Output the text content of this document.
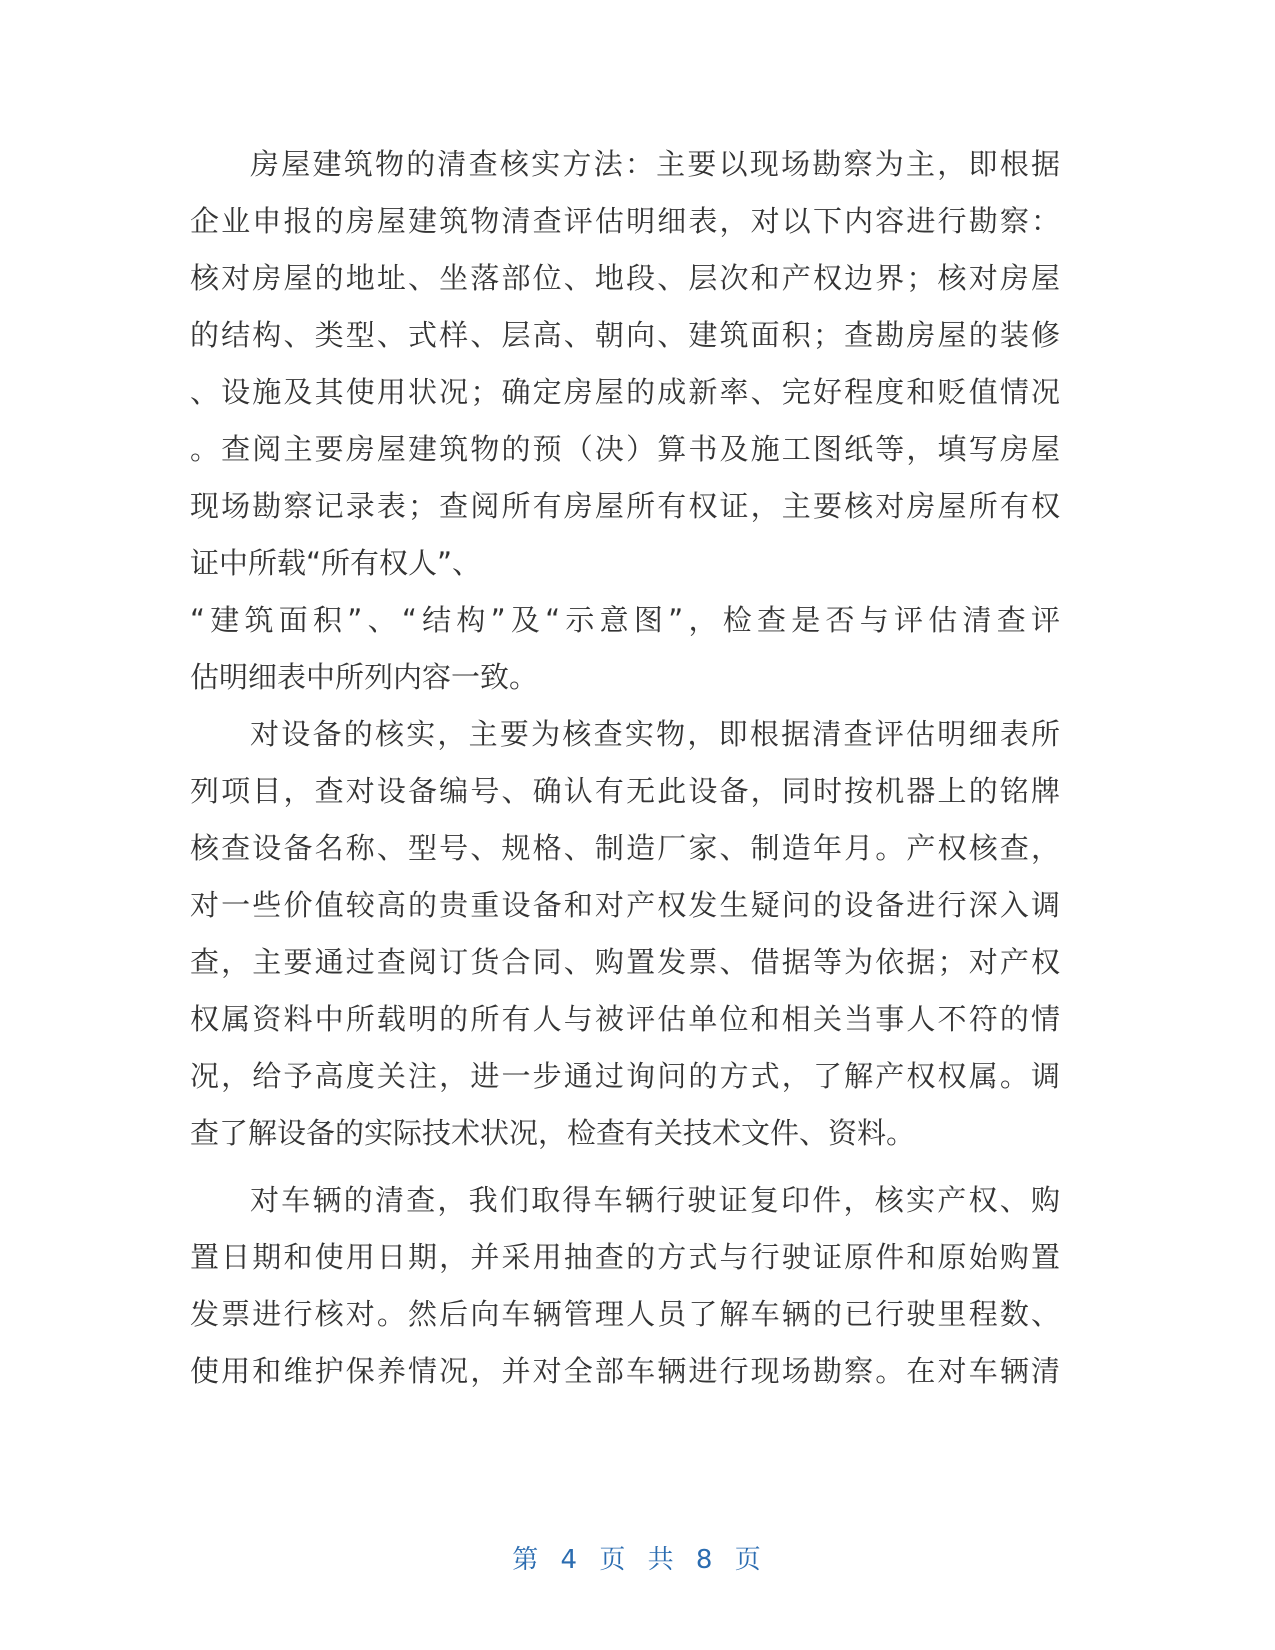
房屋建筑物的清查核实方法：主要以现场勘察为主，即根据
企业申报的房屋建筑物清查评估明细表，对以下内容进行勘察：
核对房屋的地址、坐落部位、地段、层次和产权边界；核对房屋
的结构、类型、式样、层高、朝向、建筑面积；查勘房屋的装修
、设施及其使用状况；确定房屋的成新率、完好程度和贬值情况
。查阅主要房屋建筑物的预（决）算书及施工图纸等，填写房屋
现场勘察记录表；查阅所有房屋所有权证，主要核对房屋所有权
证中所载“所有权人”、
“建筑面积”、“结构”及“示意图”，检查是否与评估清查评
估明细表中所列内容一致。
对设备的核实，主要为核查实物，即根据清查评估明细表所
列项目，查对设备编号、确认有无此设备，同时按机器上的铭牌
核查设备名称、型号、规格、制造厂家、制造年月。产权核查，
对一些价值较高的贵重设备和对产权发生疑问的设备进行深入调
查，主要通过查阅订货合同、购置发票、借据等为依据；对产权
权属资料中所载明的所有人与被评估单位和相关当事人不符的情
况，给予高度关注，进一步通过询问的方式，了解产权权属。调
查了解设备的实际技术状况，检查有关技术文件、资料。
对车辆的清查，我们取得车辆行驶证复印件，核实产权、购
置日期和使用日期，并采用抽查的方式与行驶证原件和原始购置
发票进行核对。然后向车辆管理人员了解车辆的已行驶里程数、
使用和维护保养情况，并对全部车辆进行现场勘察。在对车辆清
第 4 页 共 8 页
